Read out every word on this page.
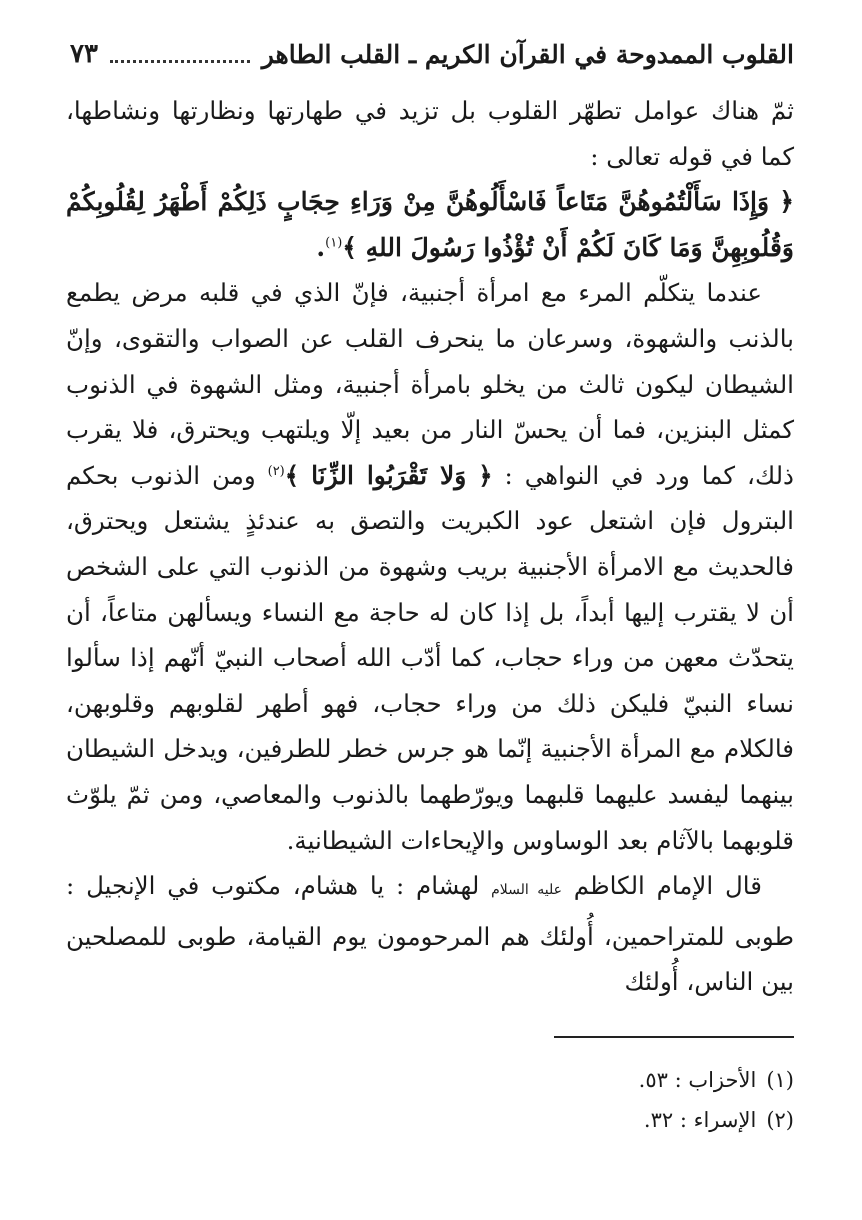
القلوب الممدوحة في القرآن الكريم ـ القلب الطاهر
٧٣

ثمّ هناك عوامل تطهّر القلوب بل تزيد في طهارتها ونظارتها ونشاطها، كما في قوله تعالى :

﴿ وَإِذَا سَأَلْتُمُوهُنَّ مَتَاعاً فَاسْأَلُوهُنَّ مِنْ وَرَاءِ حِجَابٍ ذَلِكُمْ أَطْهَرُ لِقُلُوبِكُمْ وَقُلُوبِهِنَّ وَمَا كَانَ لَكُمْ أَنْ تُؤْذُوا رَسُولَ اللهِ ﴾$^{(١)}$.

عندما يتكلّم المرء مع امرأة أجنبية، فإنّ الذي في قلبه مرض يطمع بالذنب والشهوة، وسرعان ما ينحرف القلب عن الصواب والتقوى، وإنّ الشيطان ليكون ثالث من يخلو بامرأة أجنبية، ومثل الشهوة في الذنوب كمثل البنزين، فما أن يحسّ النار من بعيد إلّا ويلتهب ويحترق، فلا يقرب ذلك، كما ورد في النواهي : ﴿ وَلا تَقْرَبُوا الزِّنَا ﴾$^{(٢)}$ ومن الذنوب بحكم البترول فإن اشتعل عود الكبريت والتصق به عندئذٍ يشتعل ويحترق، فالحديث مع الامرأة الأجنبية بريب وشهوة من الذنوب التي على الشخص أن لا يقترب إليها أبداً، بل إذا كان له حاجة مع النساء ويسألهن متاعاً، أن يتحدّث معهن من وراء حجاب، كما أدّب الله أصحاب النبيّ أنّهم إذا سألوا نساء النبيّ فليكن ذلك من وراء حجاب، فهو أطهر لقلوبهم وقلوبهن، فالكلام مع المرأة الأجنبية إنّما هو جرس خطر للطرفين، ويدخل الشيطان بينهما ليفسد عليهما قلبهما ويورّطهما بالذنوب والمعاصي، ومن ثمّ يلوّث قلوبهما بالآثام بعد الوساوس والإيحاءات الشيطانية.

قال الإمام الكاظم عليه السلام لهشام : يا هشام، مكتوب في الإنجيل : طوبى للمتراحمين، أُولئك هم المرحومون يوم القيامة، طوبى للمصلحين بين الناس، أُولئك

(١)
الأحزاب : ٥٣.
(٢)
الإسراء : ٣٢.
